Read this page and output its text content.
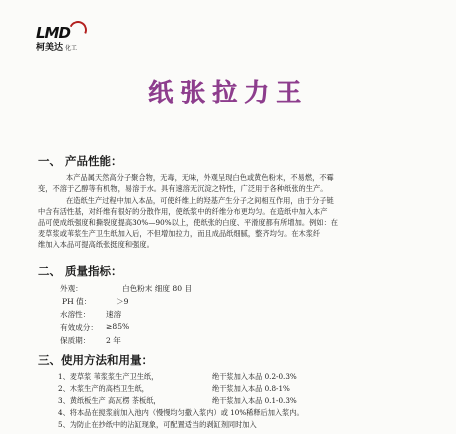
LMD
柯美达 化工
纸张拉力王
一、 产品性能：
本产品属天然高分子聚合物，无毒，无味，外观呈现白色或黄色粉末，不易燃，不霉
变，不溶于乙醇等有机物，易溶于水。具有速溶无沉淀之特性，广泛用于各种纸张的生产。
在造纸生产过程中加入本品，可使纤维上的羟基产生分子之间相互作用，由于分子链
中含有活性基，对纤维有很好的分散作用，使纸浆中的纤维分布更均匀。在造纸中加入本产
品可使成纸强度和撕裂度提高30%—90%以上，使纸张的白度、平滑度都有所增加。例如：在
麦草浆或苇浆生产卫生纸加入后，不但增加拉力，而且成品纸细腻，整齐均匀。在木浆纤
维加入本品可提高纸张挺度和强度。
二、 质量指标：
外观：	白色粉末 细度 80 目
PH 值：	＞9
水溶性： 速溶
有效成分： ≥85%
保质期： 2 年
三、使用方法和用量：
1、麦草浆 苇浆浆生产卫生纸，	绝干浆加入本品 0.2-0.3%
2、木浆生产的高档卫生纸，	绝干浆加入本品 0.8-1%
3、黄纸板生产 高瓦楞 茶板纸，	绝干浆加入本品 0.1-0.3%
4、将本品在搅浆前加入池内（慢慢均匀撒入浆内）或 10%稀释后加入浆内。
5、为防止在抄纸中的沾缸现象，可配置适当的剥缸剂同时加入
